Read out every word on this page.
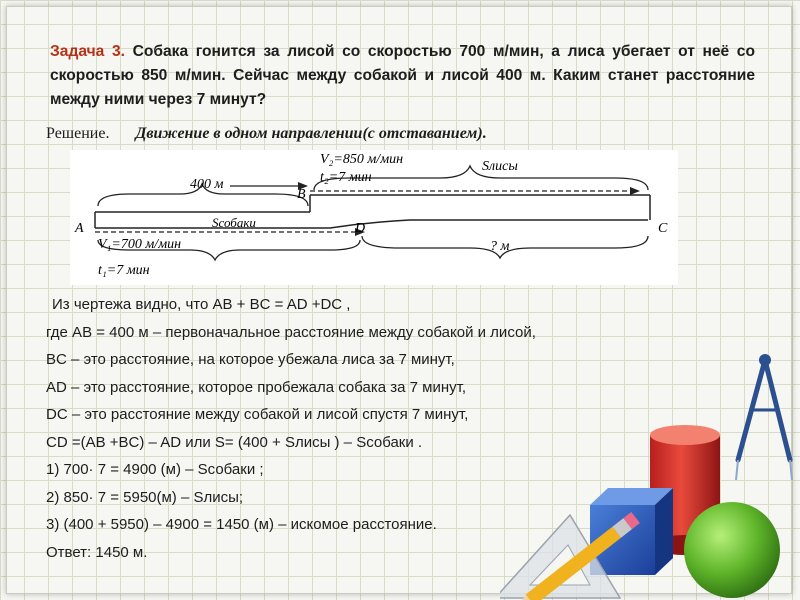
Задача 3. Собака гонится за лисой со скоростью 700 м/мин, а лиса убегает от неё со скоростью 850 м/мин. Сейчас между собакой и лисой 400 м. Каким станет расстояние между ними через 7 минут?

Решение. Движение в одном направлении(с отставанием).
V₂=850 м/мин
t₂=7 мин
Sлисы
400 м
B
A	D	C
Sсобаки
? м
V₁=700 м/мин
t₁=7 мин
Из чертежа видно, что AB + BC = AD +DC ,
где AB = 400 м – первоначальное расстояние между собакой и лисой,
BC – это расстояние, на которое убежала лиса за 7 минут,
AD – это расстояние, которое пробежала собака за 7 минут,
DC – это расстояние между собакой и лисой спустя 7 минут,
CD =(AB +BC) – AD или S= (400 + Sлисы ) – Sсобаки .
1) 700· 7 = 4900 (м) – Sсобаки ;
2) 850· 7 = 5950(м) – Sлисы;
3) (400 + 5950) – 4900 = 1450 (м) – искомое расстояние.
Ответ: 1450 м.
